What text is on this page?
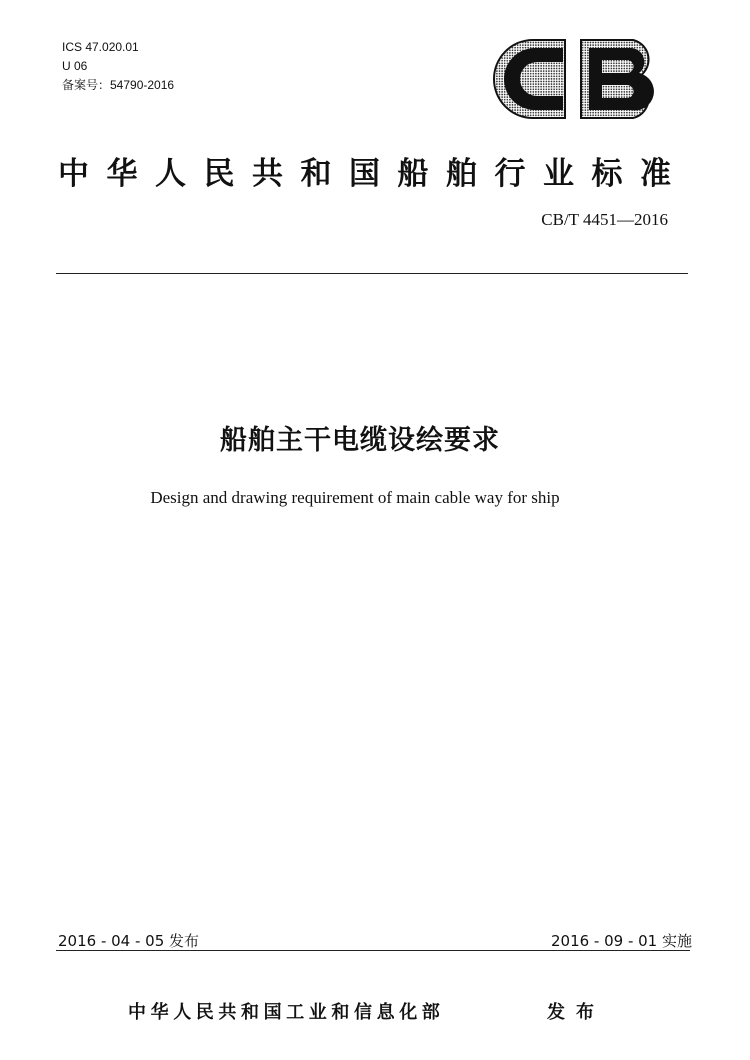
ICS 47.020.01
U 06
备案号：54790-2016
中华人民共和国船舶行业标准
CB/T 4451—2016
船舶主干电缆设绘要求
Design and drawing requirement of main cable way for ship
2016 - 04 - 05 发布	2016 - 09 - 01 实施
中华人民共和国工业和信息化部	发布
